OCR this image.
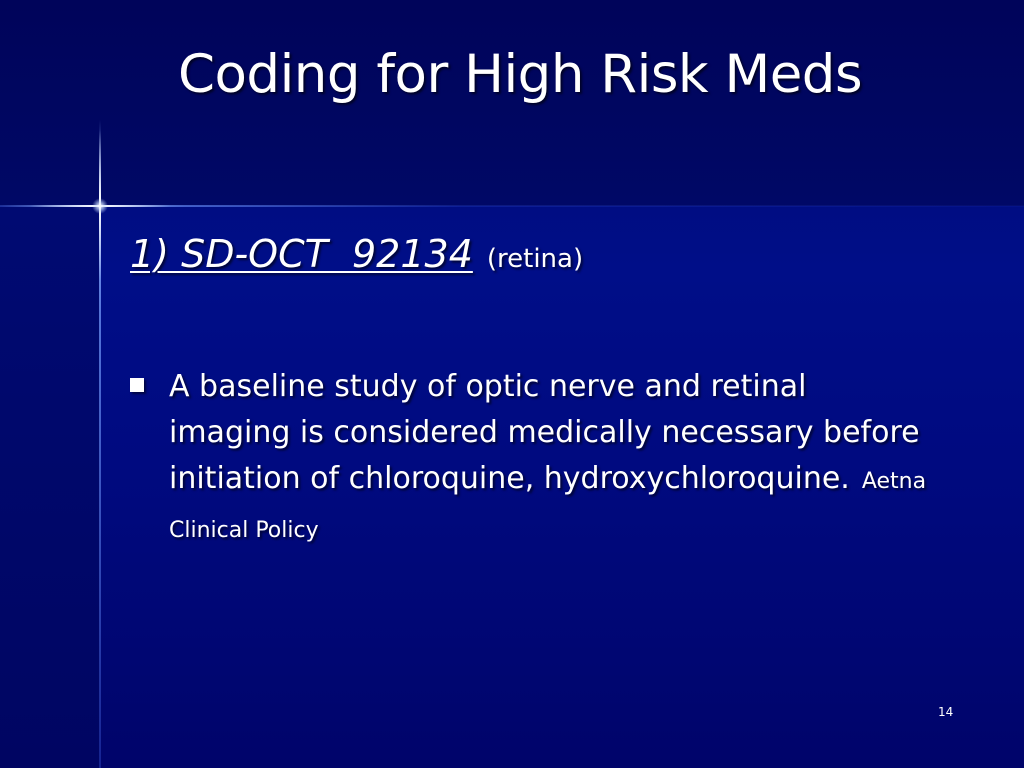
Coding for High Risk Meds
1) SD-OCT  92134 (retina)
A baseline study of optic nerve and retinal imaging is considered medically necessary before initiation of chloroquine, hydroxychloroquine. Aetna Clinical Policy
14
